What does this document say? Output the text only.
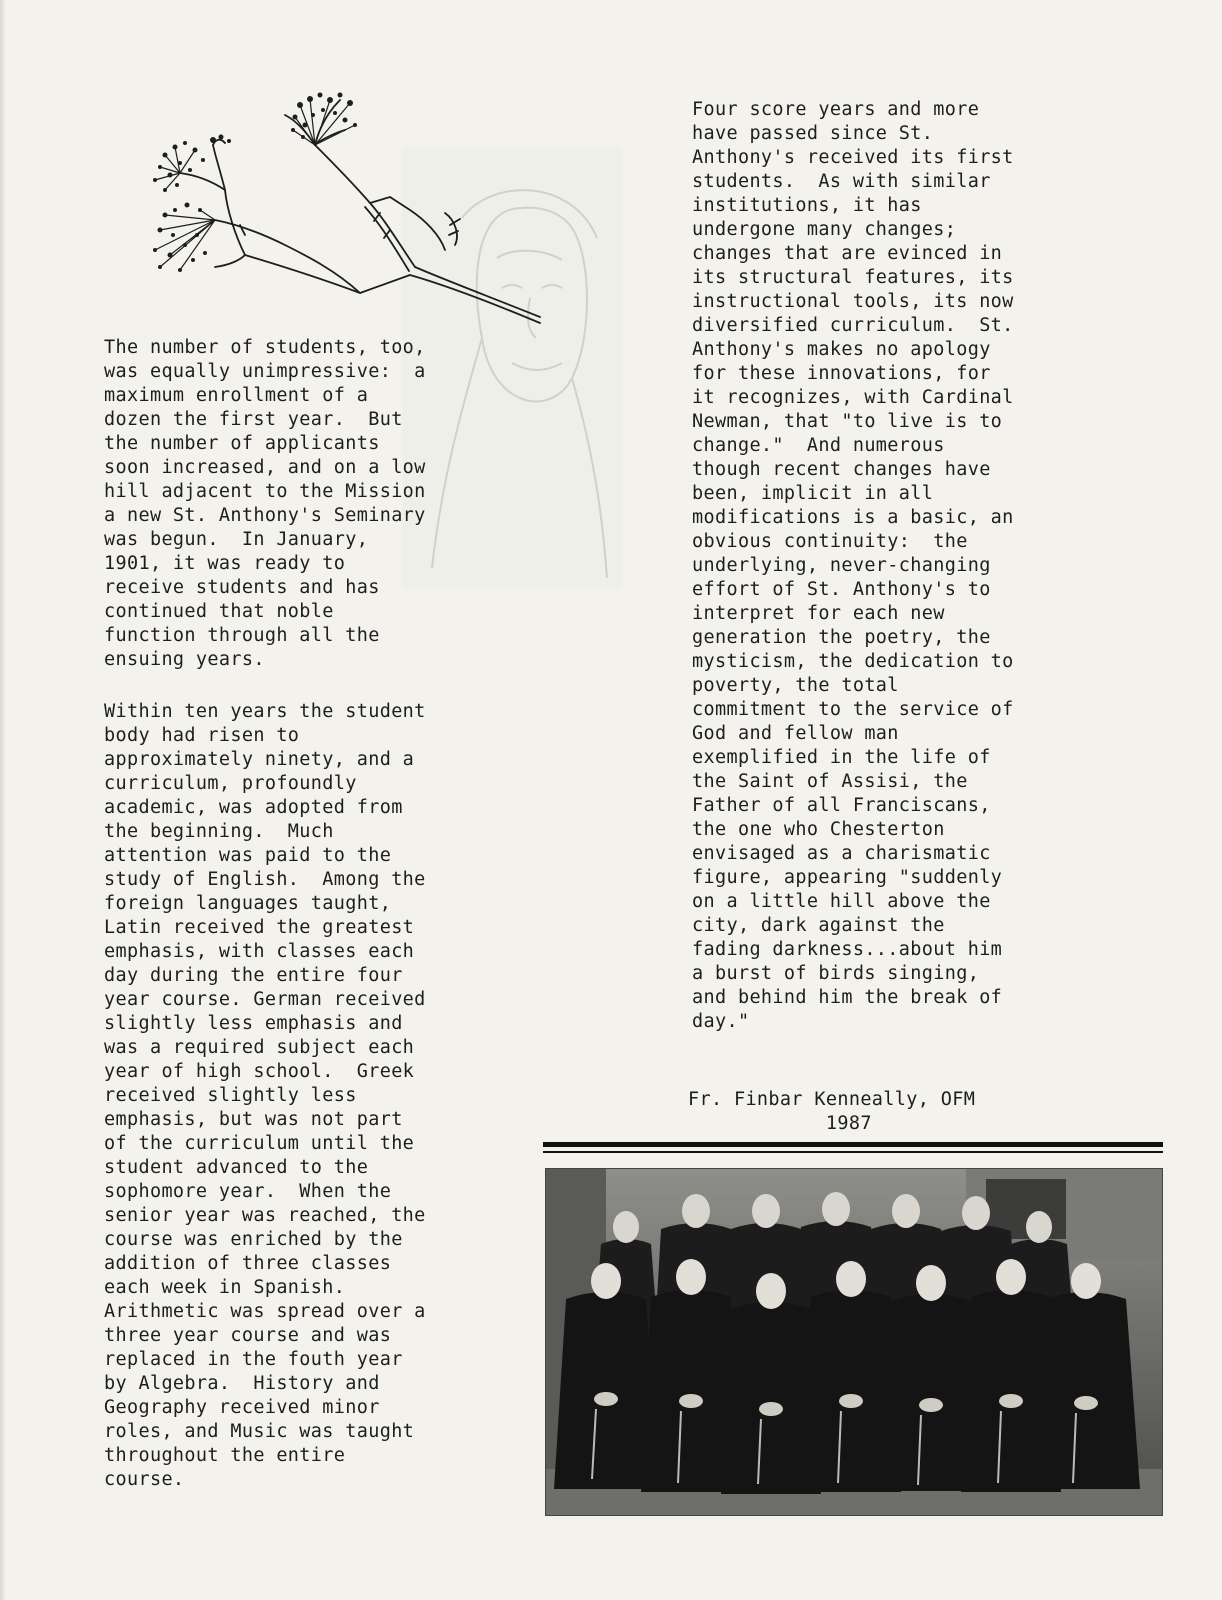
The number of students, too,
was equally unimpressive:  a
maximum enrollment of a
dozen the first year.  But
the number of applicants
soon increased, and on a low
hill adjacent to the Mission
a new St. Anthony's Seminary
was begun.  In January,
1901, it was ready to
receive students and has
continued that noble
function through all the
ensuing years.
Within ten years the student
body had risen to
approximately ninety, and a
curriculum, profoundly
academic, was adopted from
the beginning.  Much
attention was paid to the
study of English.  Among the
foreign languages taught,
Latin received the greatest
emphasis, with classes each
day during the entire four
year course. German received
slightly less emphasis and
was a required subject each
year of high school.  Greek
received slightly less
emphasis, but was not part
of the curriculum until the
student advanced to the
sophomore year.  When the
senior year was reached, the
course was enriched by the
addition of three classes
each week in Spanish.
Arithmetic was spread over a
three year course and was
replaced in the fouth year
by Algebra.  History and
Geography received minor
roles, and Music was taught
throughout the entire
course.
Four score years and more
have passed since St.
Anthony's received its first
students.  As with similar
institutions, it has
undergone many changes;
changes that are evinced in
its structural features, its
instructional tools, its now
diversified curriculum.  St.
Anthony's makes no apology
for these innovations, for
it recognizes, with Cardinal
Newman, that "to live is to
change."  And numerous
though recent changes have
been, implicit in all
modifications is a basic, an
obvious continuity:  the
underlying, never-changing
effort of St. Anthony's to
interpret for each new
generation the poetry, the
mysticism, the dedication to
poverty, the total
commitment to the service of
God and fellow man
exemplified in the life of
the Saint of Assisi, the
Father of all Franciscans,
the one who Chesterton
envisaged as a charismatic
figure, appearing "suddenly
on a little hill above the
city, dark against the
fading darkness...about him
a burst of birds singing,
and behind him the break of
day."
Fr. Finbar Kenneally, OFM
1987
